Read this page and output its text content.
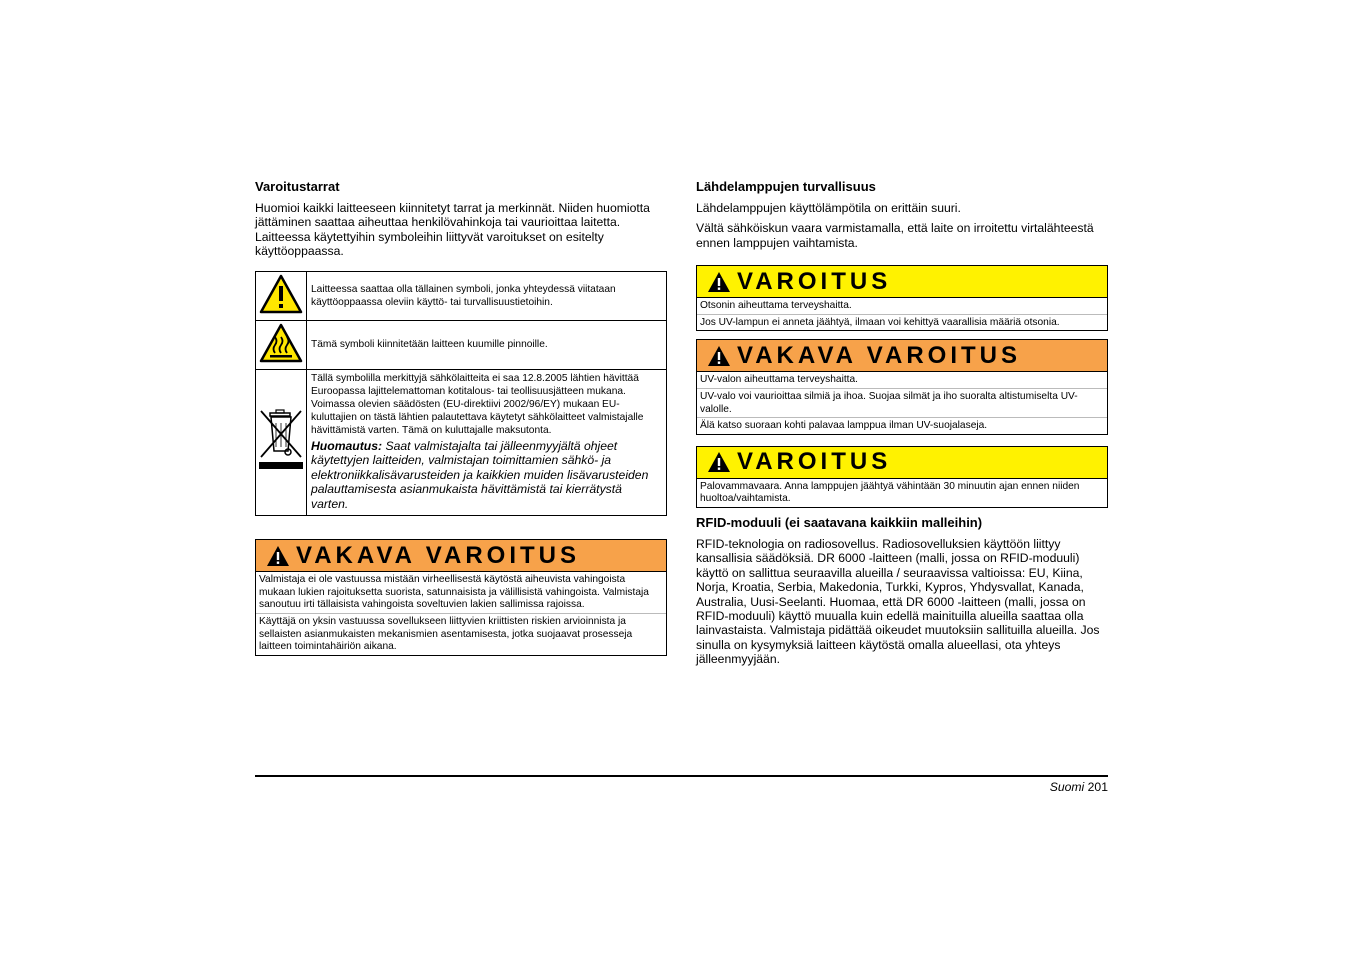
Varoitustarrat

Huomioi kaikki laitteeseen kiinnitetyt tarrat ja merkinnät. Niiden huomiotta jättäminen saattaa aiheuttaa henkilövahinkoja tai vaurioittaa laitetta. Laitteessa käytettyihin symboleihin liittyvät varoitukset on esitelty käyttöoppaassa.

	Laitteessa saattaa olla tällainen symboli, jonka yhteydessä viitataan käyttöoppaassa oleviin käyttö- tai turvallisuustietoihin.
	Tämä symboli kiinnitetään laitteen kuumille pinnoille.

Tällä symbolilla merkittyjä sähkölaitteita ei saa 12.8.2005 lähtien hävittää Euroopassa lajittelemattoman kotitalous- tai teollisuusjätteen mukana. Voimassa olevien säädösten (EU-direktiivi 2002/96/EY) mukaan EU-kuluttajien on tästä lähtien palautettava käytetyt sähkölaitteet valmistajalle hävittämistä varten. Tämä on kuluttajalle maksutonta.
Huomautus: Saat valmistajalta tai jälleenmyyjältä ohjeet käytettyjen laitteiden, valmistajan toimittamien sähkö- ja elektroniikkalisävarusteiden ja kaikkien muiden lisävarusteiden palauttamisesta asianmukaista hävittämistä tai kierrätystä varten.
VAKAVA VAROITUS
Valmistaja ei ole vastuussa mistään virheellisestä käytöstä aiheuvista vahingoista mukaan lukien rajoituksetta suorista, satunnaisista ja välillisistä vahingoista. Valmistaja sanoutuu irti tällaisista vahingoista soveltuvien lakien sallimissa rajoissa.
Käyttäjä on yksin vastuussa sovellukseen liittyvien kriittisten riskien arvioinnista ja sellaisten asianmukaisten mekanismien asentamisesta, jotka suojaavat prosesseja laitteen toimintahäiriön aikana.
Lähdelamppujen turvallisuus

Lähdelamppujen käyttölämpötila on erittäin suuri.

Vältä sähköiskun vaara varmistamalla, että laite on irroitettu virtalähteestä ennen lamppujen vaihtamista.

VAROITUS
Otsonin aiheuttama terveyshaitta.
Jos UV-lampun ei anneta jäähtyä, ilmaan voi kehittyä vaarallisia määriä otsonia.
VAKAVA VAROITUS
UV-valon aiheuttama terveyshaitta.
UV-valo voi vaurioittaa silmiä ja ihoa. Suojaa silmät ja iho suoralta altistumiselta UV-valolle.
Älä katso suoraan kohti palavaa lamppua ilman UV-suojalaseja.
VAROITUS
Palovammavaara. Anna lamppujen jäähtyä vähintään 30 minuutin ajan ennen niiden huoltoa/vaihtamista.
RFID-moduuli (ei saatavana kaikkiin malleihin)

RFID-teknologia on radiosovellus. Radiosovelluksien käyttöön liittyy kansallisia säädöksiä. DR 6000 -laitteen (malli, jossa on RFID-moduuli) käyttö on sallittua seuraavilla alueilla / seuraavissa valtioissa: EU, Kiina, Norja, Kroatia, Serbia, Makedonia, Turkki, Kypros, Yhdysvallat, Kanada, Australia, Uusi-Seelanti. Huomaa, että DR 6000 -laitteen (malli, jossa on RFID-moduuli) käyttö muualla kuin edellä mainituilla alueilla saattaa olla lainvastaista. Valmistaja pidättää oikeudet muutoksiin sallituilla alueilla. Jos sinulla on kysymyksiä laitteen käytöstä omalla alueellasi, ota yhteys jälleenmyyjään.

Suomi 201
